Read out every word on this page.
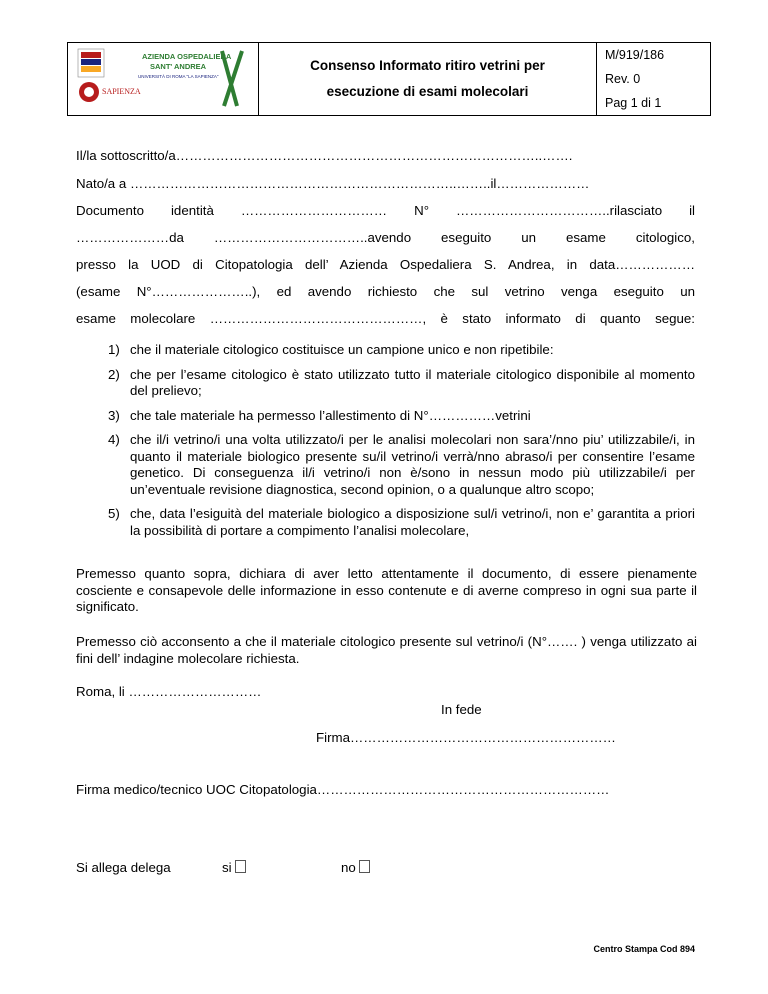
SAPIENZA
AZIENDA OSPEDALIERA
SANT' ANDREA
UNIVERSITÀ DI ROMA "LA SAPIENZA"
Consenso Informato ritiro vetrini per
esecuzione di esami molecolari
M/919/186
Rev. 0
Pag 1 di 1
Il/la sottoscritto/a………………………………………………………………………..…….
Nato/a a ………………………………………………………………..……..il…………………
Documento identità …………………………… N° ……………………………..rilasciato il
…………………da ……………………………..avendo eseguito un esame citologico,
presso la UOD di Citopatologia dell’ Azienda Ospedaliera S. Andrea, in data………………
(esame N°…………………..), ed avendo richiesto che sul vetrino venga eseguito un
esame molecolare …………………………………………, è stato informato di quanto segue:
1) che il materiale citologico costituisce un campione unico e non ripetibile:
2) che per l’esame citologico è stato utilizzato tutto il materiale citologico disponibile al momento del prelievo;
3) che tale materiale ha permesso l’allestimento di N°……………vetrini
4) che il/i vetrino/i una volta utilizzato/i per le analisi molecolari non sara’/nno piu’ utilizzabile/i, in quanto il materiale biologico presente su/il vetrino/i verrà/nno abraso/i per consentire l’esame genetico. Di conseguenza il/i vetrino/i non è/sono in nessun modo più utilizzabile/i per un’eventuale revisione diagnostica, second opinion, o a qualunque altro scopo;
5) che, data l’esiguità del materiale biologico a disposizione sul/i vetrino/i, non e’ garantita a priori la possibilità di portare a compimento l’analisi molecolare,
Premesso quanto sopra, dichiara di aver letto attentamente il documento, di essere pienamente cosciente e consapevole delle informazione in esso contenute e di averne compreso in ogni sua parte il significato.
Premesso ciò acconsento a che il materiale citologico presente sul vetrino/i (N°……. ) venga utilizzato ai fini dell’ indagine molecolare richiesta.
Roma, li …………………………
In fede
Firma……………………………………………………
Firma medico/tecnico UOC Citopatologia…………………………………………………………
Si allega delega	si	no
Centro Stampa Cod 894
